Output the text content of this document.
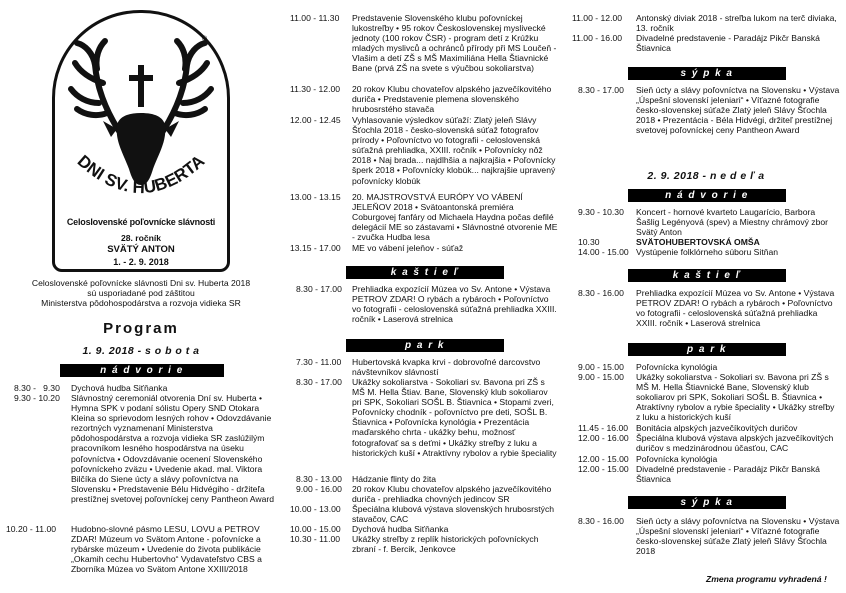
®
DNI SV. HUBERTA
Celoslovenské poľovnícke slávnosti
28. ročník
SVÄTÝ ANTON
1. - 2. 9. 2018
Celoslovenské poľovnícke slávnosti Dni sv. Huberta 2018
sú usporiadané pod záštitou
Ministerstva pôdohospodárstva a rozvoja vidieka SR
Program
1. 9. 2018 - s o b o t a
n á d v o r i e
8.30 -   9.30	Dychová hudba Siťňanka
9.30 - 10.20	Slávnostný ceremoniál otvorenia Dní sv. Huberta • Hymna SPK v podaní sólistu Opery SND Otokara Kleina so sprievodom lesných rohov • Odovzdávanie rezortných vyznamenaní Ministerstva pôdohospodárstva a rozvoja vidieka SR zaslúžilým pracovníkom lesného hospodárstva na úseku poľovníctva • Odovzdávanie ocenení Slovenského poľovníckeho zväzu • Uvedenie akad. mal. Viktora Bilčíka do Siene úcty a slávy poľovníctva na Slovensku • Predstavenie Bélu Hidvégiho - držiteľa prestížnej svetovej poľovníckej ceny Pantheon Award
10.20 - 11.00	Hudobno-slovné pásmo LESU, LOVU a PETROV ZDAR! Múzeum vo Svätom Antone - poľovnícke a rybárske múzeum • Uvedenie do života publikácie „Okamih cechu Hubertovho“ Vydavateľstvo CBS a Zborníka Múzea vo Svätom Antone XXIII/2018
11.00 - 11.30	Predstavenie Slovenského klubu poľovníckej lukostreľby • 95 rokov Československej myslivecké jednoty (100 rokov ČSR) - program detí z Krúžku mladých myslivců a ochránců přírody při MS Loučeň - Vlašim a detí ZŠ s MŠ Maximiliána Hella Štiavnické Bane (prvá ZŠ na svete s výučbou sokoliarstva)
11.30 - 12.00	20 rokov Klubu chovateľov alpského jazvečíkovitého duriča • Predstavenie plemena slovenského hrubosrstého stavača
12.00 - 12.45	Vyhlasovanie výsledkov súťaží: Zlatý jeleň Slávy Šťochla 2018 - česko-slovenská súťaž fotografov prírody • Poľovníctvo vo fotografii - celoslovenská súťažná prehliadka, XXIII. ročník • Poľovnícky nôž 2018 • Naj brada... najdlhšia a najkrajšia • Poľovnícky šperk 2018 • Poľovnícky klobúk... najkrajšie upravený poľovnícky klobúk
13.00 - 13.15	20. MAJSTROVSTVÁ EURÓPY VO VÁBENÍ JELEŇOV 2018 • Svätoantonská premiéra Coburgovej fanfáry od Michaela Haydna počas defilé delegácií ME so zástavami • Slávnostné otvorenie ME - zvučka Hudba lesa
13.15 - 17.00	ME vo vábení jeleňov - súťaž
k a š t i e ľ
8.30 - 17.00	Prehliadka expozícií Múzea vo Sv. Antone • Výstava PETROV ZDAR! O rybách a rybároch • Poľovníctvo vo fotografii - celoslovenská súťažná prehliadka XXIII. ročník • Laserová strelnica
p a r k
7.30 - 11.00	Hubertovská kvapka krvi - dobrovoľné darcovstvo návštevníkov slávností
8.30 - 17.00	Ukážky sokoliarstva - Sokoliari sv. Bavona pri ZŠ s MŠ M. Hella Štiav. Bane, Slovenský klub sokoliarov pri SPK, Sokoliari SOŠL B. Štiavnica • Stopami zveri, Poľovnícky chodník - poľovníctvo pre deti, SOŠL B. Štiavnica • Poľovnícka kynológia • Prezentácia maďarského chrta - ukážky behu, možnosť fotografovať sa s deťmi • Ukážky streľby z luku a historických kuší • Atraktívny rybolov a rybie špeciality
8.30 - 13.00	Hádzanie flinty do žita
9.00 - 16.00	20 rokov Klubu chovateľov alpského jazvečíkovitého duriča - prehliadka chovných jedincov SR
10.00 - 13.00	Špeciálna klubová výstava slovenských hrubosrstých stavačov, CAC
10.00 - 15.00	Dychová hudba Siťňanka
10.30 - 11.00	Ukážky streľby z replík historických poľovníckych zbraní - f. Bercik, Jenkovce
11.00 - 12.00	Antonský diviak 2018 - streľba lukom na terč diviaka, 13. ročník
11.00 - 16.00	Divadelné predstavenie - Paradájz Pikčr Banská Štiavnica
s ý p k a
8.30 - 17.00	Sieň úcty a slávy poľovníctva na Slovensku • Výstava „Úspešní slovenskí jeleniari“ • Víťazné fotografie česko-slovenskej súťaže Zlatý jeleň Slávy Šťochla 2018 • Prezentácia - Béla Hidvégi, držiteľ prestížnej svetovej poľovníckej ceny Pantheon Award
2. 9. 2018 - n e d e ľ a
n á d v o r i e
9.30 - 10.30	Koncert - hornové kvarteto Laugarício, Barbora Šašlig Legényová (spev) a Miestny chrámový zbor Svätý Anton
10.30	SVÄTOHUBERTOVSKÁ OMŠA
14.00 - 15.00 Vystúpenie folklórneho súboru Sitňan
k a š t i e ľ
8.30 - 16.00	Prehliadka expozícií Múzea vo Sv. Antone • Výstava PETROV ZDAR! O rybách a rybároch • Poľovníctvo vo fotografii - celoslovenská súťažná prehliadka XXIII. ročník • Laserová strelnica
p a r k
9.00 - 15.00	Poľovnícka kynológia
9.00 - 15.00	Ukážky sokoliarstva - Sokoliari sv. Bavona pri ZŠ s MŠ M. Hella Štiavnické Bane, Slovenský klub sokoliarov pri SPK, Sokoliari SOŠL B. Štiavnica • Atraktívny rybolov a rybie špeciality • Ukážky streľby z luku a historických kuší
11.45 - 16.00 Bonitácia alpských jazvečíkovitých duričov
12.00 - 16.00 Špeciálna klubová výstava alpských jazvečíkovitých duričov s medzinárodnou účasťou, CAC
12.00 - 15.00 Poľovnícka kynológia
12.00 - 15.00 Divadelné predstavenie - Paradájz Pikčr Banská Štiavnica
s ý p k a
8.30 - 16.00	Sieň úcty a slávy poľovníctva na Slovensku • Výstava „Úspešní slovenskí jeleniari“ • Víťazné fotografie česko-slovenskej súťaže Zlatý jeleň Slávy Šťochla 2018
Zmena programu vyhradená !
